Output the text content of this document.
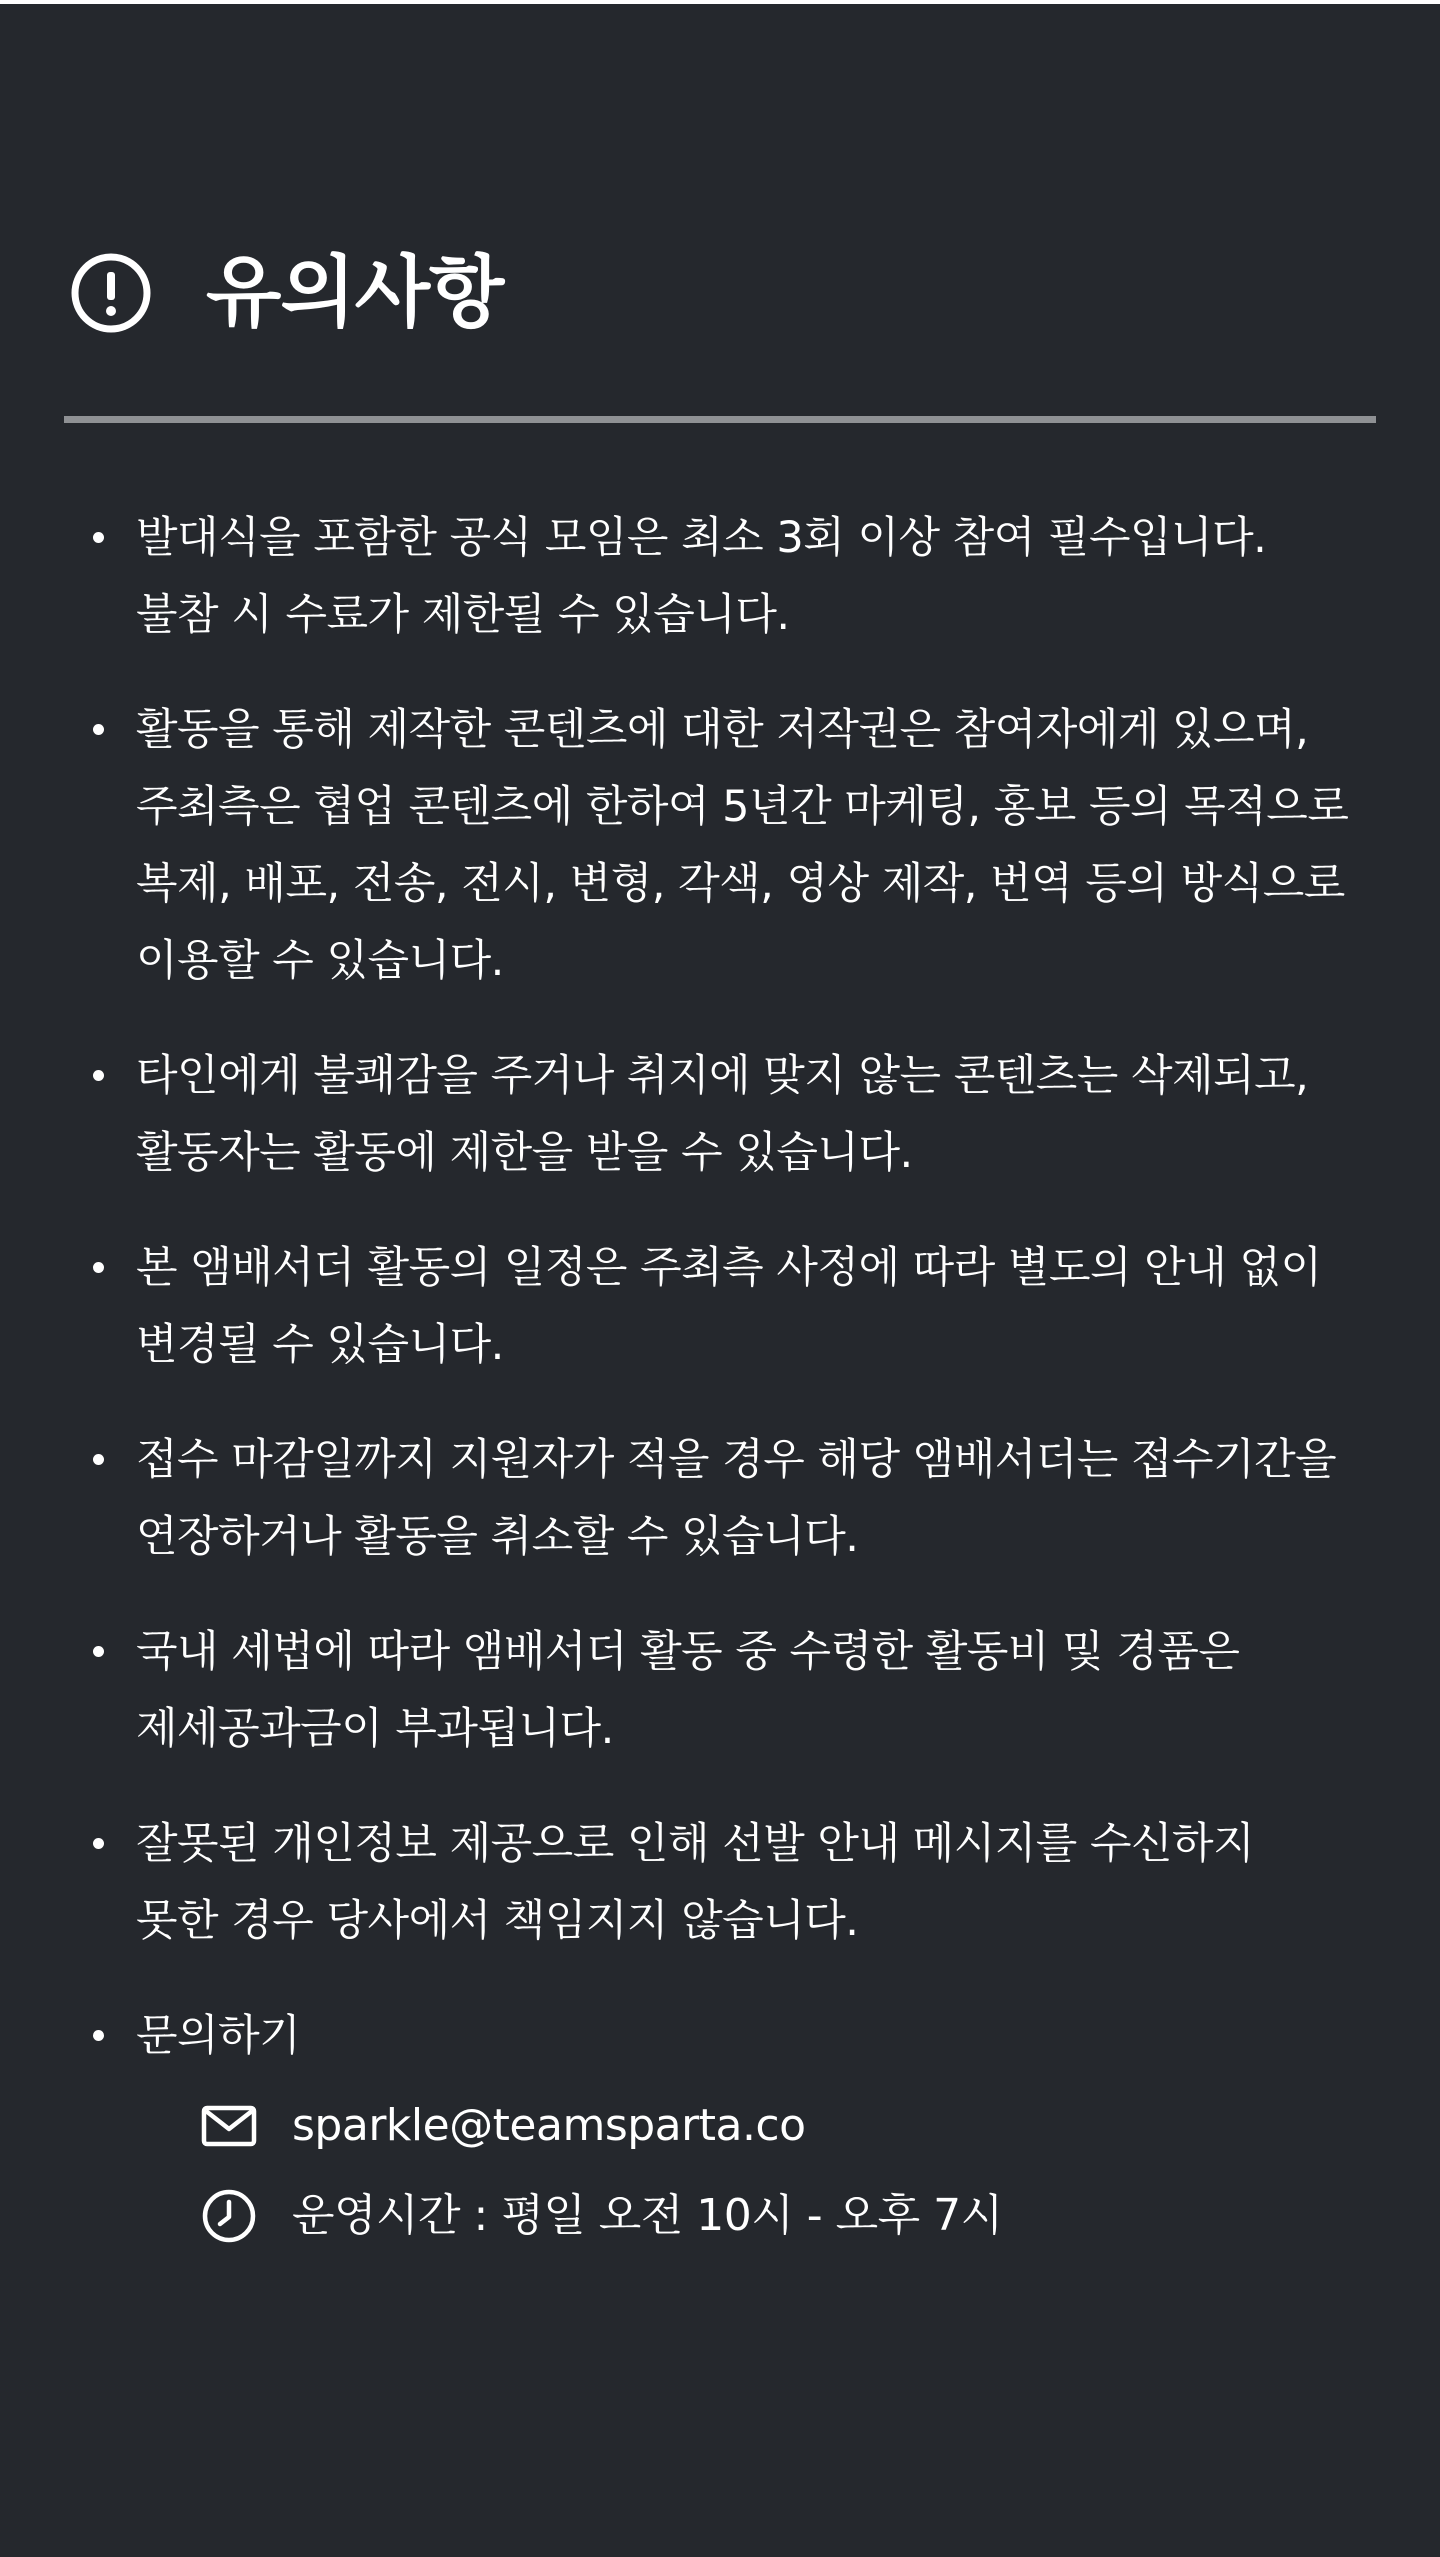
유의사항
발대식을 포함한 공식 모임은 최소 3회 이상 참여 필수입니다.
불참 시 수료가 제한될 수 있습니다.
활동을 통해 제작한 콘텐츠에 대한 저작권은 참여자에게 있으며,
주최측은 협업 콘텐츠에 한하여 5년간 마케팅, 홍보 등의 목적으로
복제, 배포, 전송, 전시, 변형, 각색, 영상 제작, 번역 등의 방식으로
이용할 수 있습니다.
타인에게 불쾌감을 주거나 취지에 맞지 않는 콘텐츠는 삭제되고,
활동자는 활동에 제한을 받을 수 있습니다.
본 앰배서더 활동의 일정은 주최측 사정에 따라 별도의 안내 없이
변경될 수 있습니다.
접수 마감일까지 지원자가 적을 경우 해당 앰배서더는 접수기간을
연장하거나 활동을 취소할 수 있습니다.
국내 세법에 따라 앰배서더 활동 중 수령한 활동비 및 경품은
제세공과금이 부과됩니다.
잘못된 개인정보 제공으로 인해 선발 안내 메시지를 수신하지
못한 경우 당사에서 책임지지 않습니다.
문의하기
sparkle@teamsparta.co
운영시간 : 평일 오전 10시 - 오후 7시
